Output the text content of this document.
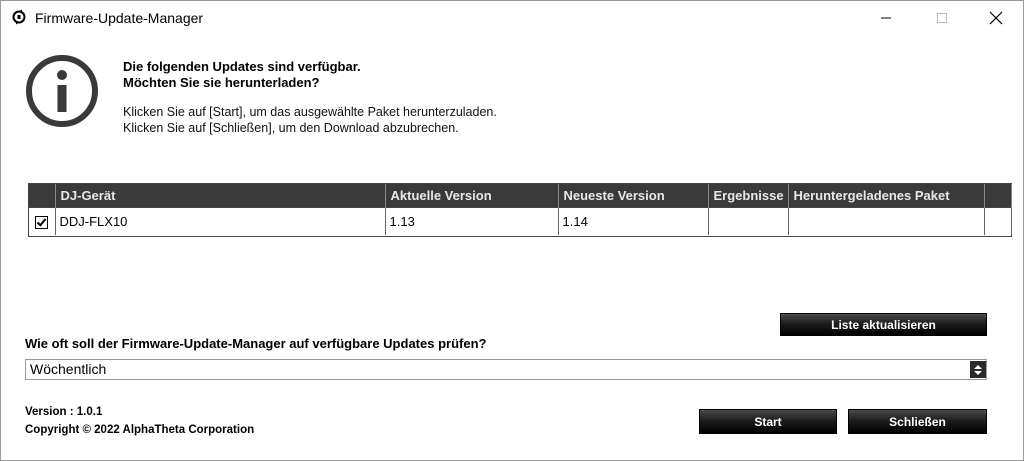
Firmware-Update-Manager
Die folgenden Updates sind verfügbar.
Möchten Sie sie herunterladen?
Klicken Sie auf [Start], um das ausgewählte Paket herunterzuladen.
Klicken Sie auf [Schließen], um den Download abzubrechen.
	DJ-Gerät	Aktuelle Version	Neueste Version	Ergebnisse	Heruntergeladenes Paket	
	DDJ-FLX10	1.13	1.14			
Liste aktualisieren
Wie oft soll der Firmware-Update-Manager auf verfügbare Updates prüfen?
Wöchentlich
Version : 1.0.1
Copyright © 2022 AlphaTheta Corporation
Start	Schließen
